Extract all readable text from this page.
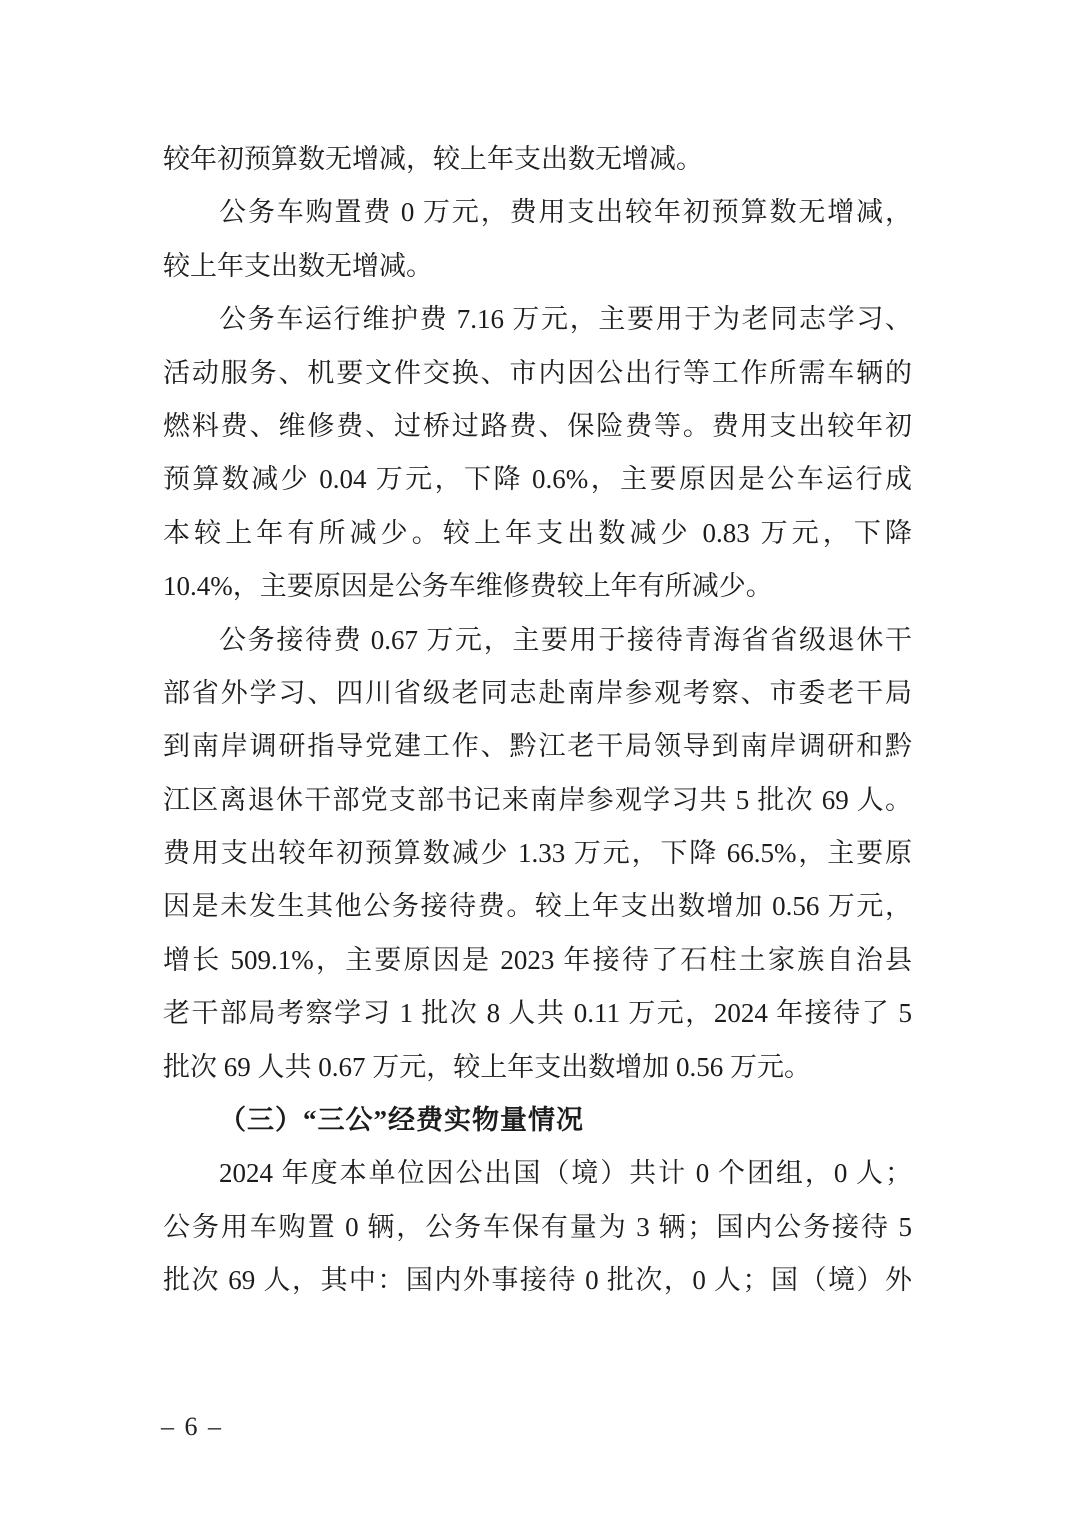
较年初预算数无增减，较上年支出数无增减。
公务车购置费 0 万元，费用支出较年初预算数无增减，
较上年支出数无增减。
公务车运行维护费 7.16 万元，主要用于为老同志学习、
活动服务、机要文件交换、市内因公出行等工作所需车辆的
燃料费、维修费、过桥过路费、保险费等。费用支出较年初
预算数减少 0.04 万元，下降 0.6%，主要原因是公车运行成
本较上年有所减少。较上年支出数减少 0.83 万元，下降
10.4%，主要原因是公务车维修费较上年有所减少。
公务接待费 0.67 万元，主要用于接待青海省省级退休干
部省外学习、四川省级老同志赴南岸参观考察、市委老干局
到南岸调研指导党建工作、黔江老干局领导到南岸调研和黔
江区离退休干部党支部书记来南岸参观学习共 5 批次 69 人。
费用支出较年初预算数减少 1.33 万元，下降 66.5%，主要原
因是未发生其他公务接待费。较上年支出数增加 0.56 万元，
增长 509.1%，主要原因是 2023 年接待了石柱土家族自治县
老干部局考察学习 1 批次 8 人共 0.11 万元，2024 年接待了 5
批次 69 人共 0.67 万元，较上年支出数增加 0.56 万元。
（三）“三公”经费实物量情况
2024 年度本单位因公出国（境）共计 0 个团组，0 人；
公务用车购置 0 辆，公务车保有量为 3 辆；国内公务接待 5
批次 69 人，其中：国内外事接待 0 批次，0 人；国（境）外
– 6 –
